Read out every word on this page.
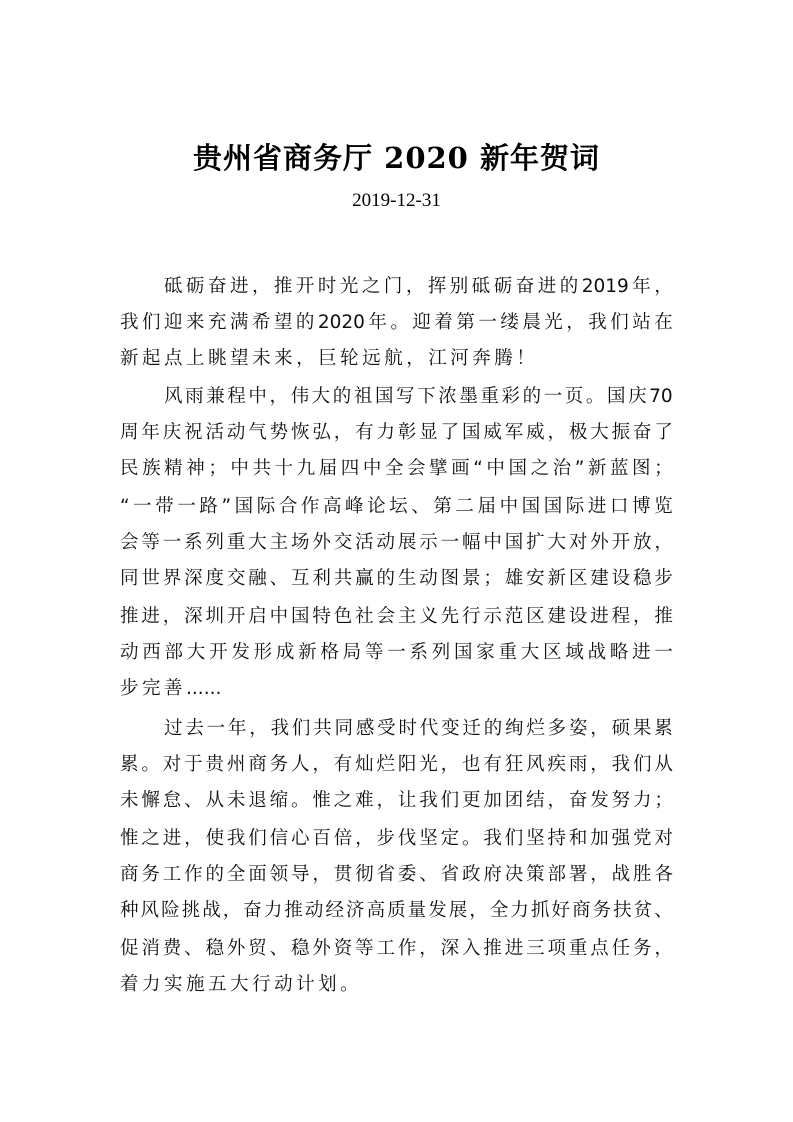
贵州省商务厅 2020 新年贺词
2019-12-31
砥 砺 奋 进 ， 推 开 时 光 之 门 ， 挥 别 砥 砺 奋 进 的 2019 年 ，
我 们 迎 来 充 满 希 望 的 2020 年 。 迎 着 第 一 缕 晨 光 ， 我 们 站 在
新 起 点 上 眺 望 未 来 ， 巨 轮 远 航 ， 江 河 奔 腾 ！
风 雨 兼 程 中 ， 伟 大 的 祖 国 写 下 浓 墨 重 彩 的 一 页 。 国 庆 70
周 年 庆 祝 活 动 气 势 恢 弘 ， 有 力 彰 显 了 国 威 军 威 ， 极 大 振 奋 了
民 族 精 神 ； 中 共 十 九 届 四 中 全 会 擘 画 “ 中 国 之 治 ” 新 蓝 图 ；
“ 一 带 一 路 ” 国 际 合 作 高 峰 论 坛 、 第 二 届 中 国 国 际 进 口 博 览
会 等 一 系 列 重 大 主 场 外 交 活 动 展 示 一 幅 中 国 扩 大 对 外 开 放 ，
同 世 界 深 度 交 融 、 互 利 共 赢 的 生 动 图 景 ； 雄 安 新 区 建 设 稳 步
推 进 ， 深 圳 开 启 中 国 特 色 社 会 主 义 先 行 示 范 区 建 设 进 程 ， 推
动 西 部 大 开 发 形 成 新 格 局 等 一 系 列 国 家 重 大 区 域 战 略 进 一
步 完 善 ......
过 去 一 年 ， 我 们 共 同 感 受 时 代 变 迁 的 绚 烂 多 姿 ， 硕 果 累
累 。 对 于 贵 州 商 务 人 ， 有 灿 烂 阳 光 ， 也 有 狂 风 疾 雨 ， 我 们 从
未 懈 怠 、 从 未 退 缩 。 惟 之 难 ， 让 我 们 更 加 团 结 ， 奋 发 努 力 ；
惟 之 进 ， 使 我 们 信 心 百 倍 ， 步 伐 坚 定 。 我 们 坚 持 和 加 强 党 对
商 务 工 作 的 全 面 领 导 ， 贯 彻 省 委 、 省 政 府 决 策 部 署 ， 战 胜 各
种 风 险 挑 战 ， 奋 力 推 动 经 济 高 质 量 发 展 ， 全 力 抓 好 商 务 扶 贫 、
促 消 费 、 稳 外 贸 、 稳 外 资 等 工 作 ， 深 入 推 进 三 项 重 点 任 务 ，
着 力 实 施 五 大 行 动 计 划 。
